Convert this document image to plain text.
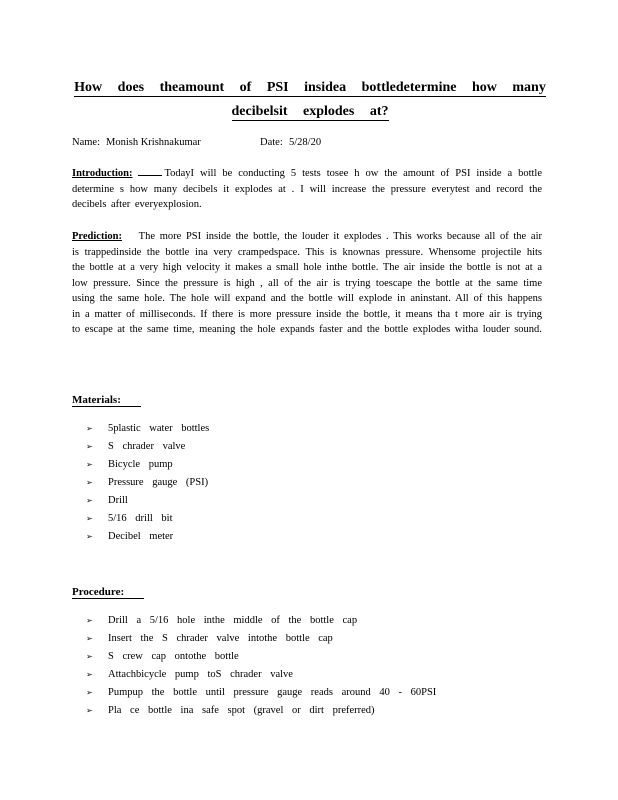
How does theamount of PSI insidea bottledetermine how many
decibelsit explodes at?
Name: Monish Krishnakumar	Date: 5/28/20

Introduction:	TodayI will be conducting 5 tests tosee h ow the amount of PSI inside a bottle determine s how many decibels it explodes at . I will increase the pressure everytest and record the decibels after everyexplosion.

Prediction: The more PSI inside the bottle, the louder it explodes . This works because all of the air is trappedinside the bottle ina very crampedspace. This is knownas pressure. Whensome projectile hits the bottle at a very high velocity it makes a small hole inthe bottle. The air inside the bottle is not at a low pressure. Since the pressure is high , all of the air is trying toescape the bottle at the same time using the same hole. The hole will expand and the bottle will explode in aninstant. All of this happens in a matter of milliseconds. If there is more pressure inside the bottle, it means tha t more air is trying to escape at the same time, meaning the hole expands faster and the bottle explodes witha louder sound.

Materials:
➢ 5plastic water bottles
➢ S chrader valve
➢ Bicycle pump
➢ Pressure gauge (PSI)
➢ Drill
➢ 5/16 drill bit
➢ Decibel meter
Procedure:
➢ Drill a 5/16 hole inthe middle of the bottle cap
➢ Insert the S chrader valve intothe bottle cap
➢ S crew cap ontothe bottle
➢ Attachbicycle pump toS chrader valve
➢ Pumpup the bottle until pressure gauge reads around 40 - 60PSI
➢ Pla ce bottle ina safe spot (gravel or dirt preferred)
